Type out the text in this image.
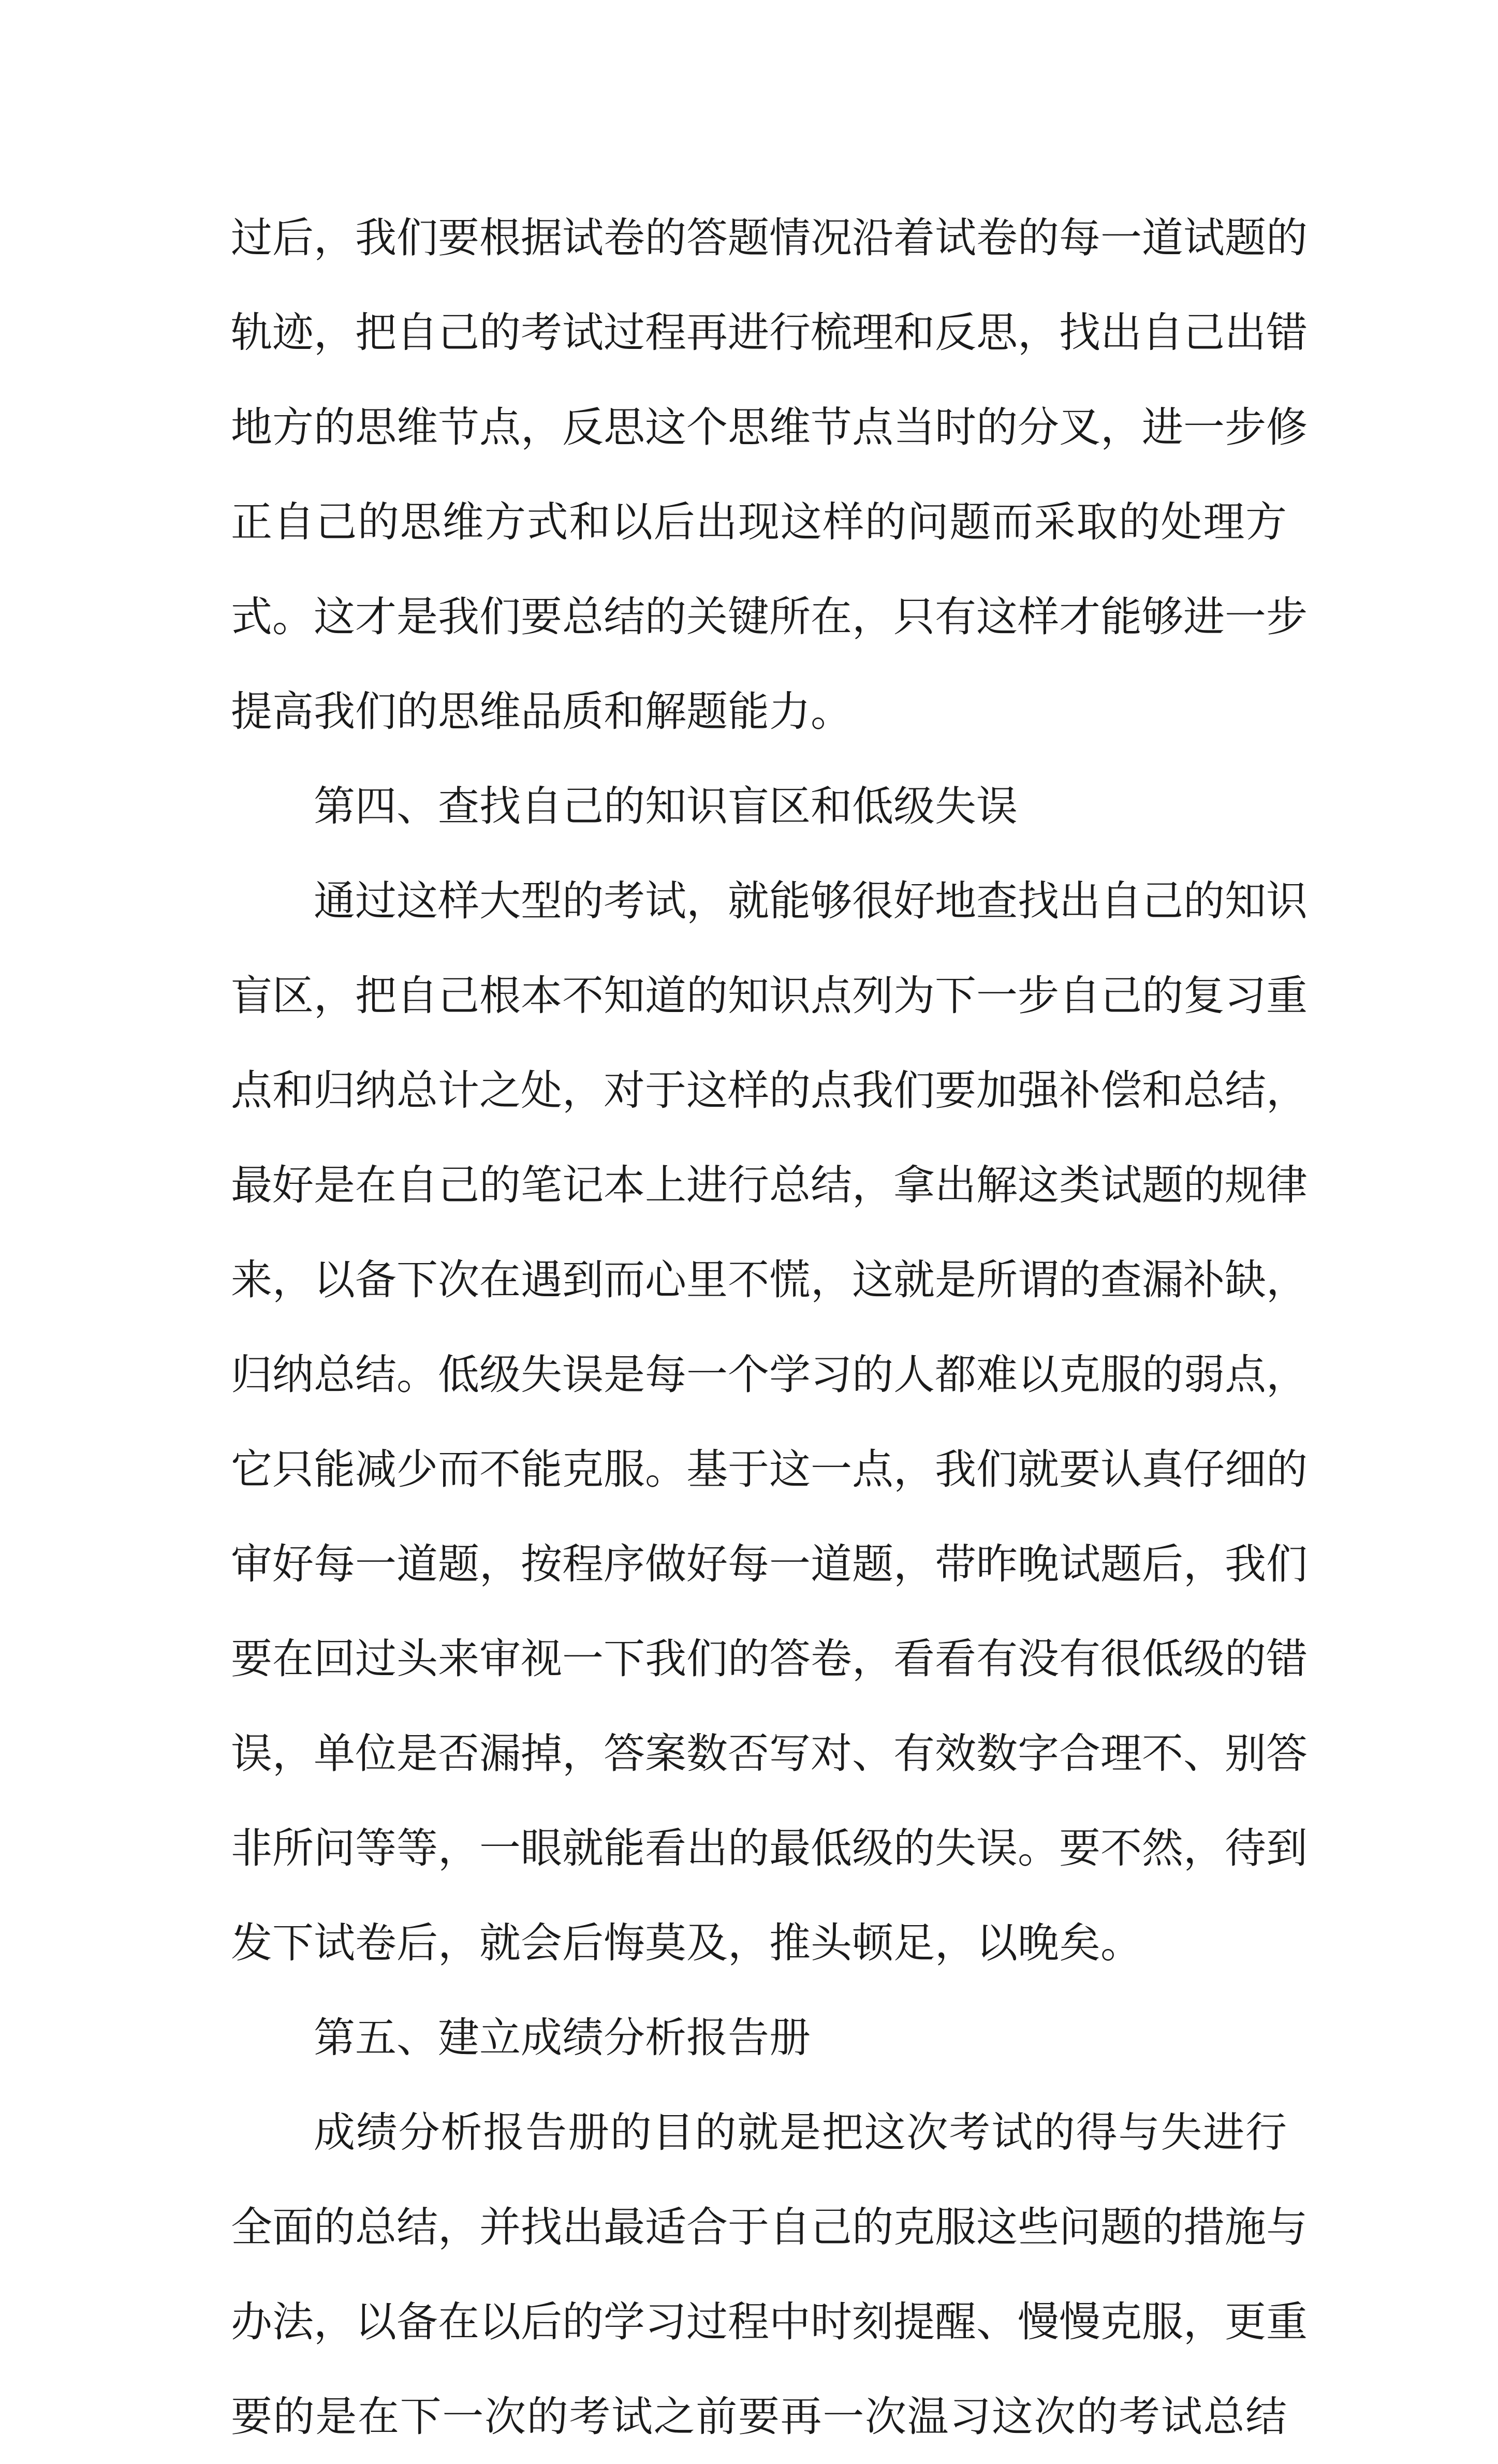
过后，我们要根据试卷的答题情况沿着试卷的每一道试题的
轨迹，把自己的考试过程再进行梳理和反思，找出自己出错
地方的思维节点，反思这个思维节点当时的分叉，进一步修
正自己的思维方式和以后出现这样的问题而采取的处理方
式。这才是我们要总结的关键所在，只有这样才能够进一步
提高我们的思维品质和解题能力。
第四、查找自己的知识盲区和低级失误
通过这样大型的考试，就能够很好地查找出自己的知识
盲区，把自己根本不知道的知识点列为下一步自己的复习重
点和归纳总计之处，对于这样的点我们要加强补偿和总结，
最好是在自己的笔记本上进行总结，拿出解这类试题的规律
来，以备下次在遇到而心里不慌，这就是所谓的查漏补缺，
归纳总结。低级失误是每一个学习的人都难以克服的弱点，
它只能减少而不能克服。基于这一点，我们就要认真仔细的
审好每一道题，按程序做好每一道题，带昨晚试题后，我们
要在回过头来审视一下我们的答卷，看看有没有很低级的错
误，单位是否漏掉，答案数否写对、有效数字合理不、别答
非所问等等，一眼就能看出的最低级的失误。要不然，待到
发下试卷后，就会后悔莫及，推头顿足，以晚矣。
第五、建立成绩分析报告册
成绩分析报告册的目的就是把这次考试的得与失进行
全面的总结，并找出最适合于自己的克服这些问题的措施与
办法，以备在以后的学习过程中时刻提醒、慢慢克服，更重
要的是在下一次的考试之前要再一次温习这次的考试总结
